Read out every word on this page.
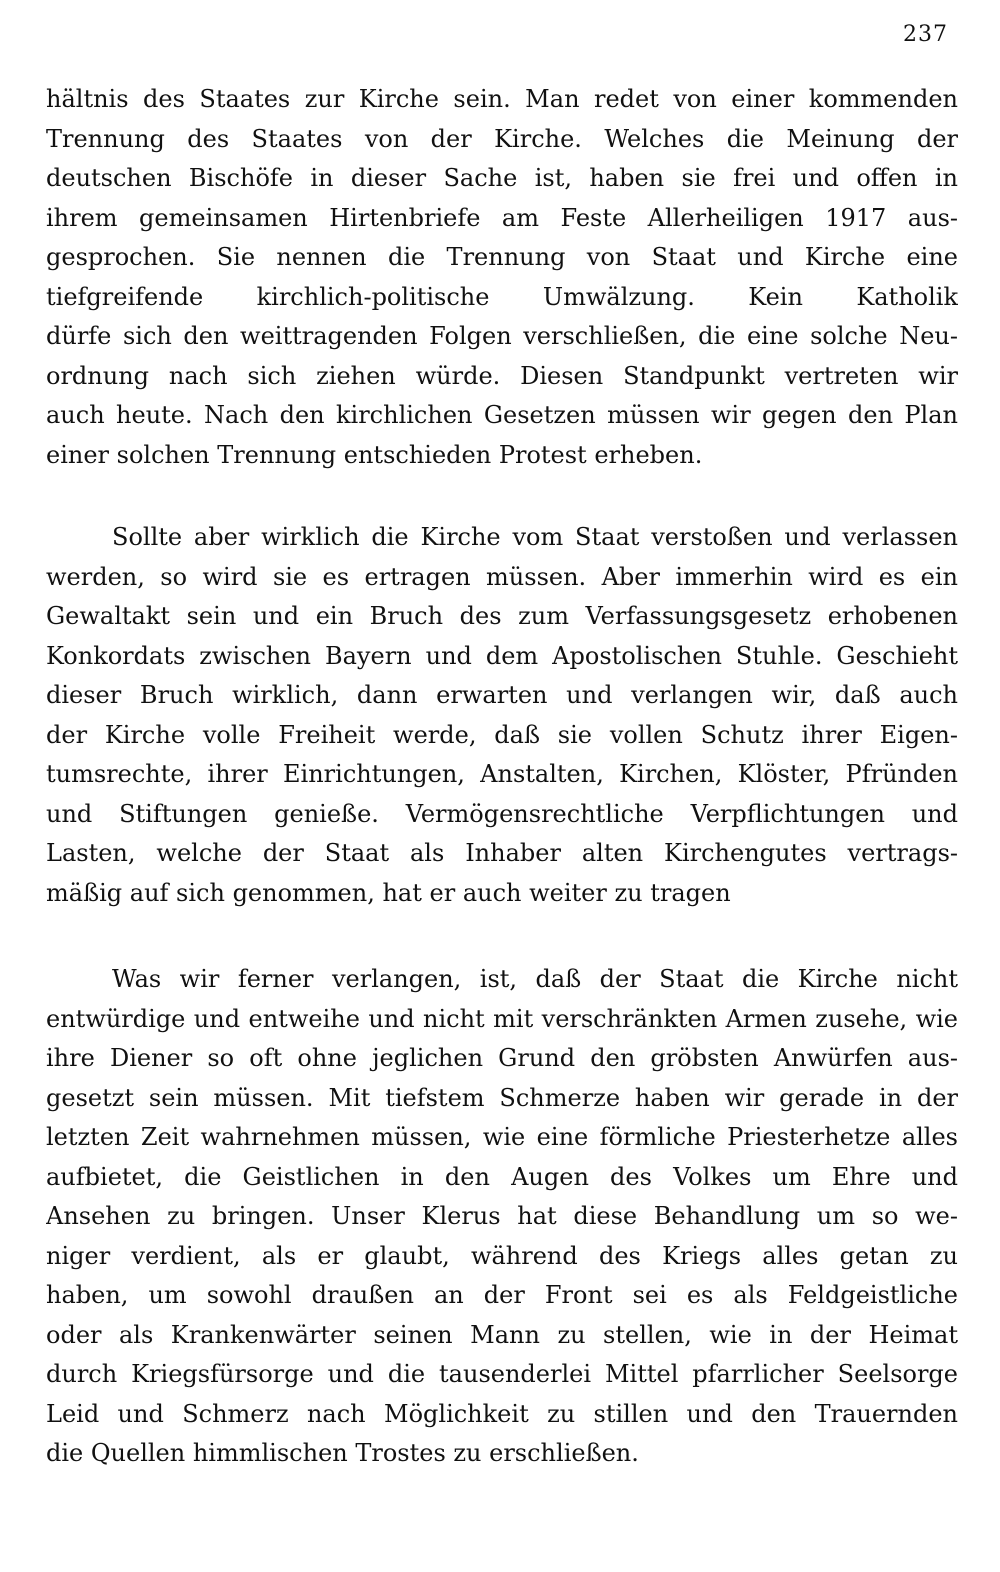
237
hältnis des Staates zur Kirche sein. Man redet von einer kommenden
Trennung des Staates von der Kirche. Welches die Meinung der
deutschen Bischöfe in dieser Sache ist, haben sie frei und offen in
ihrem gemeinsamen Hirtenbriefe am Feste Allerheiligen 1917 aus-
gesprochen. Sie nennen die Trennung von Staat und Kirche eine
tiefgreifende kirchlich-politische Umwälzung. Kein Katholik
dürfe sich den weittragenden Folgen verschließen, die eine solche Neu-
ordnung nach sich ziehen würde. Diesen Standpunkt vertreten wir
auch heute. Nach den kirchlichen Gesetzen müssen wir gegen den Plan
einer solchen Trennung entschieden Protest erheben.
Sollte aber wirklich die Kirche vom Staat verstoßen und verlassen
werden, so wird sie es ertragen müssen. Aber immerhin wird es ein
Gewaltakt sein und ein Bruch des zum Verfassungsgesetz erhobenen
Konkordats zwischen Bayern und dem Apostolischen Stuhle. Geschieht
dieser Bruch wirklich, dann erwarten und verlangen wir, daß auch
der Kirche volle Freiheit werde, daß sie vollen Schutz ihrer Eigen-
tumsrechte, ihrer Einrichtungen, Anstalten, Kirchen, Klöster, Pfründen
und Stiftungen genieße. Vermögensrechtliche Verpflichtungen und
Lasten, welche der Staat als Inhaber alten Kirchengutes vertrags-
mäßig auf sich genommen, hat er auch weiter zu tragen
Was wir ferner verlangen, ist, daß der Staat die Kirche nicht
entwürdige und entweihe und nicht mit verschränkten Armen zusehe, wie
ihre Diener so oft ohne jeglichen Grund den gröbsten Anwürfen aus-
gesetzt sein müssen. Mit tiefstem Schmerze haben wir gerade in der
letzten Zeit wahrnehmen müssen, wie eine förmliche Priesterhetze alles
aufbietet, die Geistlichen in den Augen des Volkes um Ehre und
Ansehen zu bringen. Unser Klerus hat diese Behandlung um so we-
niger verdient, als er glaubt, während des Kriegs alles getan zu
haben, um sowohl draußen an der Front sei es als Feldgeistliche
oder als Krankenwärter seinen Mann zu stellen, wie in der Heimat
durch Kriegsfürsorge und die tausenderlei Mittel pfarrlicher Seelsorge
Leid und Schmerz nach Möglichkeit zu stillen und den Trauernden
die Quellen himmlischen Trostes zu erschließen.
